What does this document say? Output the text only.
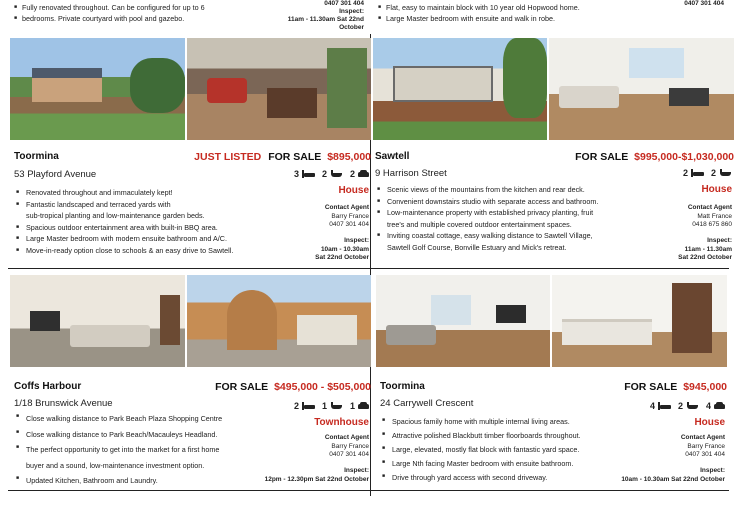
■ Fully renovated throughout. Can be configured for up to 6
■ bedrooms. Private courtyard with pool and gazebo.
0407 301 404
Inspect:
11am - 11.30am Sat 22nd October
■ Flat, easy to maintain block with 10 year old Hopwood home.
■ Large Master bedroom with ensuite and walk in robe.
0407 301 404
Toormina	JUST LISTED FOR SALE $895,000
53 Playford Avenue	3	2	2
House
■ Renovated throughout and immaculately kept!
■ Fantastic landscaped and terraced yards with
sub-tropical planting and low-maintenance garden beds.
■ Spacious outdoor entertainment area with built-in BBQ area.
■ Large Master bedroom with modern ensuite bathroom and A/C.
■ Move-in-ready option close to schools & an easy drive to Sawtell.
Contact Agent
Barry France
0407 301 404
Inspect:
10am - 10.30am
Sat 22nd October
Sawtell	FOR SALE $995,000-$1,030,000
9 Harrison Street	2	2
House
■ Scenic views of the mountains from the kitchen and rear deck.
■ Convenient downstairs studio with separate access and bathroom.
■ Low-maintenance property with established privacy planting, fruit
tree's and multiple covered outdoor entertainment spaces.
■ Inviting coastal cottage, easy walking distance to Sawtell Village,
Sawtell Golf Course, Bonville Estuary and Mick's retreat.
Contact Agent
Matt France
0418 675 860
Inspect:
11am - 11.30am
Sat 22nd October
Coffs Harbour	FOR SALE $495,000 - $505,000
1/18 Brunswick Avenue	2	1	1
Townhouse
■ Close walking distance to Park Beach Plaza Shopping Centre
■ Close walking distance to Park Beach/Macauleys Headland.
■ The perfect opportunity to get into the market for a first home
buyer and a sound, low-maintenance investment option.
■ Updated Kitchen, Bathroom and Laundry.
Contact Agent
Barry France
0407 301 404
Inspect:
12pm - 12.30pm Sat 22nd October
Toormina	FOR SALE $945,000
24 Carrywell Crescent	4	2	4
House
■ Spacious family home with multiple internal living areas.
■ Attractive polished Blackbutt timber floorboards throughout.
■ Large, elevated, mostly flat block with fantastic yard space.
■ Large Nth facing Master bedroom with ensuite bathroom.
■ Drive through yard access with second driveway.
Contact Agent
Barry France
0407 301 404
Inspect:
10am - 10.30am Sat 22nd October
